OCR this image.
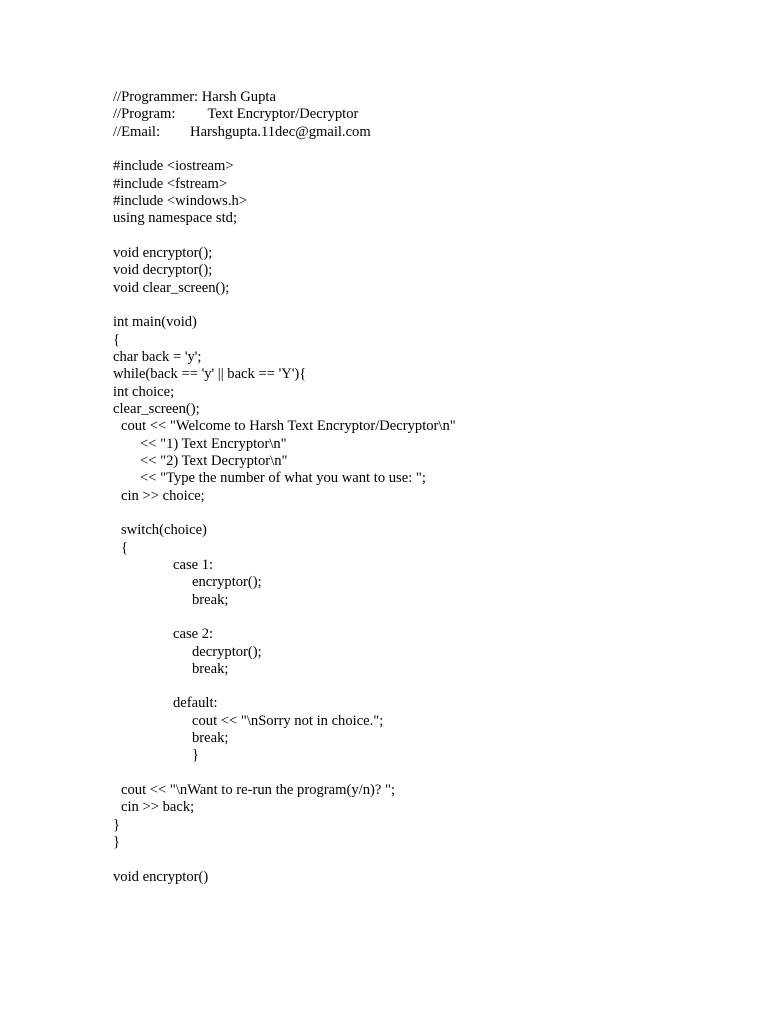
//Programmer: Harsh Gupta
//Program: Text Encryptor/Decryptor
//Email: Harshgupta.11dec@gmail.com
#include <iostream>
#include <fstream>
#include <windows.h>
using namespace std;
void encryptor();
void decryptor();
void clear_screen();
int main(void)
{
char back = 'y';
while(back == 'y' || back == 'Y'){
int choice;
clear_screen();
cout << "Welcome to Harsh Text Encryptor/Decryptor\n"
<< "1) Text Encryptor\n"
<< "2) Text Decryptor\n"
<< "Type the number of what you want to use: ";
cin >> choice;
switch(choice)
{
case 1:
encryptor();
break;
case 2:
decryptor();
break;
default:
cout << "\nSorry not in choice.";
break;
}
cout << "\nWant to re-run the program(y/n)? ";
cin >> back;
}
}
void encryptor()
